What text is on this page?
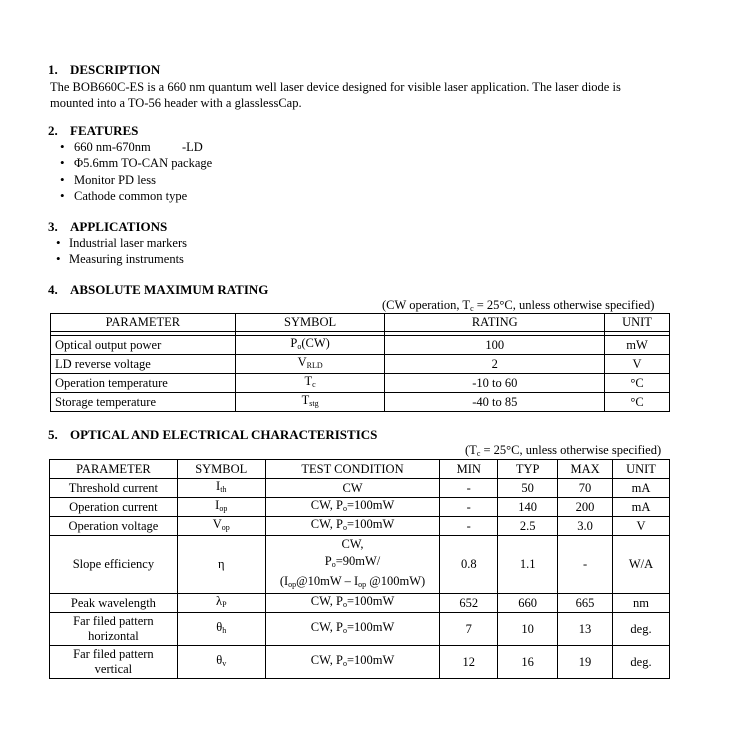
1. DESCRIPTION
The BOB660C-ES is a 660 nm quantum well laser device designed for visible laser application. The laser diode is
mounted into a TO-56 header with a glasslessCap.
2. FEATURES
• 660 nm-670nm          -LD
• Φ5.6mm TO-CAN package
• Monitor PD less
• Cathode common type
3. APPLICATIONS
• Industrial laser markers
• Measuring instruments
4. ABSOLUTE MAXIMUM RATING
(CW operation, $T_c = 25^\circ C$, unless otherwise specified)
PARAMETER	SYMBOL	RATING	UNIT

Optical output power	$P_o(CW)$	100	mW
LD reverse voltage	$V_{RLD}$	2	V
Operation temperature	$T_c$	-10 to 60	°C
Storage temperature	$T_{stg}$	-40 to 85	°C
5. OPTICAL AND ELECTRICAL CHARACTERISTICS
($T_c = 25^\circ C$, unless otherwise specified)
PARAMETER	SYMBOL	TEST CONDITION	MIN	TYP	MAX	UNIT
Threshold current	$I_{th}$	CW	-	50	70	mA
Operation current	$I_{op}$	CW, $P_o=100mW$	-	140	200	mA
Operation voltage	$V_{op}$	CW, $P_o=100mW$	-	2.5	3.0	V
Slope efficiency	η	CW,
$P_o=90mW/$
($I_{op}@10mW - I_{op}$ @100mW)	0.8	1.1	-	W/A
Peak wavelength	$\lambda_P$	CW, $P_o=100mW$	652	660	665	nm

Far filed pattern
horizontal	$\theta_h$	CW, $P_o=100mW$	7	10	13	deg.

Far filed pattern
vertical	$\theta_v$	CW, $P_o=100mW$	12	16	19	deg.
